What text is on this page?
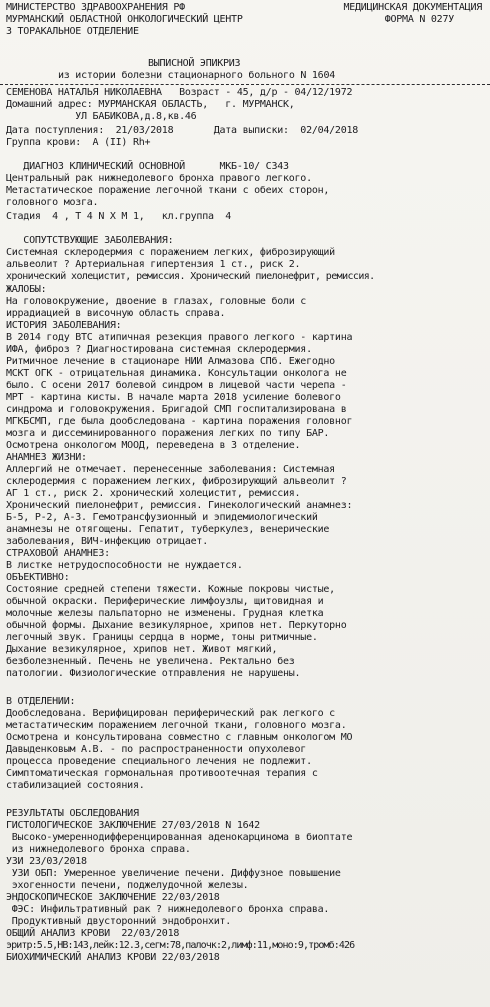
МИНИСТЕРСТВО ЗДРАВООХРАНЕНИЯ РФ
МУРМАНСКИЙ ОБЛАСТНОЙ ОНКОЛОГИЧЕСКИЙ ЦЕНТР
3 ТОРАКАЛЬНОЕ ОТДЕЛЕНИЕ
МЕДИЦИНСКАЯ ДОКУМЕНТАЦИЯ
ФОРМА N 027У
ВЫПИСНОЙ ЭПИКРИЗ
из истории болезни стационарного больного N 1604
СЕМЕНОВА НАТАЛЬЯ НИКОЛАЕВНА   Возраст - 45, д/р - 04/12/1972
Домашний адрес: МУРМАНСКАЯ ОБЛАСТЬ,   г. МУРМАНСК,
УЛ БАБИКОВА,д.8,кв.46
Дата поступления:  21/03/2018       Дата выписки:  02/04/2018
Группа крови:  А (II) Rh+
ДИАГНОЗ КЛИНИЧЕСКИЙ ОСНОВНОЙ      МКБ-10/ С343
Центральный рак нижнедолевого бронха правого легкого.
Метастатическое поражение легочной ткани с обеих сторон,
головного мозга.
Стадия  4 , Т 4 N Х М 1,   кл.группа  4
СОПУТСТВУЮЩИЕ ЗАБОЛЕВАНИЯ:
Системная склеродермия с поражением легких, фиброзирующий
альвеолит ? Артериальная гипертензия 1 ст., риск 2.
хронический холецистит, ремиссия. Хронический пиелонефрит, ремиссия.
ЖАЛОБЫ:
На головокружение, двоение в глазах, головные боли с
иррадиацией в височную область справа.
ИСТОРИЯ ЗАБОЛЕВАНИЯ:
В 2014 году ВТС атипичная резекция правого легкого - картина
ИФА, фиброз ? Диагностирована системная склеродермия.
Ритмичное лечение в стационаре НИИ Алмазова СПб. Ежегодно
МСКТ ОГК - отрицательная динамика. Консультации онколога не
было. С осени 2017 болевой синдром в лицевой части черепа -
МРТ - картина кисты. В начале марта 2018 усиление болевого
синдрома и головокружения. Бригадой СМП госпитализирована в
МГКБСМП, где была дообследована - картина поражения головног
мозга и диссеминированного поражения легких по типу БАР.
Осмотрена онкологом МООД, переведена в 3 отделение.
АНАМНЕЗ ЖИЗНИ:
Аллергий не отмечает. перенесенные заболевания: Системная
склеродермия с поражением легких, фиброзирующий альвеолит ?
АГ 1 ст., риск 2. хронический холецистит, ремиссия.
Хронический пиелонефрит, ремиссия. Гинекологический анамнез:
Б-5, Р-2, А-3. Гемотрансфузионный и эпидемиологический
анамнезы не отягощены. Гепатит, туберкулез, венерические
заболевания, ВИЧ-инфекцию отрицает.
СТРАХОВОЙ АНАМНЕЗ:
В листке нетрудоспособности не нуждается.
ОБЪЕКТИВНО:
Состояние средней степени тяжести. Кожные покровы чистые,
обычной окраски. Периферические лимфоузлы, щитовидная и
молочные железы пальпаторно не изменены. Грудная клетка
обычной формы. Дыхание везикулярное, хрипов нет. Перкуторно
легочный звук. Границы сердца в норме, тоны ритмичные.
Дыхание везикулярное, хрипов нет. Живот мягкий,
безболезненный. Печень не увеличена. Ректально без
патологии. Физиологические отправления не нарушены.
В ОТДЕЛЕНИИ:
Дообследована. Верифицирован периферический рак легкого с
метастатическим поражением легочной ткани, головного мозга.
Осмотрена и консультирована совместно с главным онкологом МО
Давыденковым А.В. - по распространенности опухолевог
процесса проведение специального лечения не подлежит.
Симптоматическая гормональная противоотечная терапия с
стабилизацией состояния.
РЕЗУЛЬТАТЫ ОБСЛЕДОВАНИЯ
ГИСТОЛОГИЧЕСКОЕ ЗАКЛЮЧЕНИЕ 27/03/2018 N 1642
Высоко-умереннодифференцированная аденокарцинома в биоптате
из нижнедолевого бронха справа.
УЗИ 23/03/2018
УЗИ ОБП: Умеренное увеличение печени. Диффузное повышение
эхогенности печени, поджелудочной железы.
ЭНДОСКОПИЧЕСКОЕ ЗАКЛЮЧЕНИЕ 22/03/2018
ФЭС: Инфильтративный рак ? нижнедолевого бронха справа.
Продуктивный двусторонний эндобронхит.
ОБЩИЙ АНАЛИЗ КРОВИ  22/03/2018
эритр:5.5,НВ:143,лейк:12.3,сегм:78,палочк:2,лимф:11,моно:9,тромб:426
БИОХИМИЧЕСКИЙ АНАЛИЗ КРОВИ 22/03/2018
